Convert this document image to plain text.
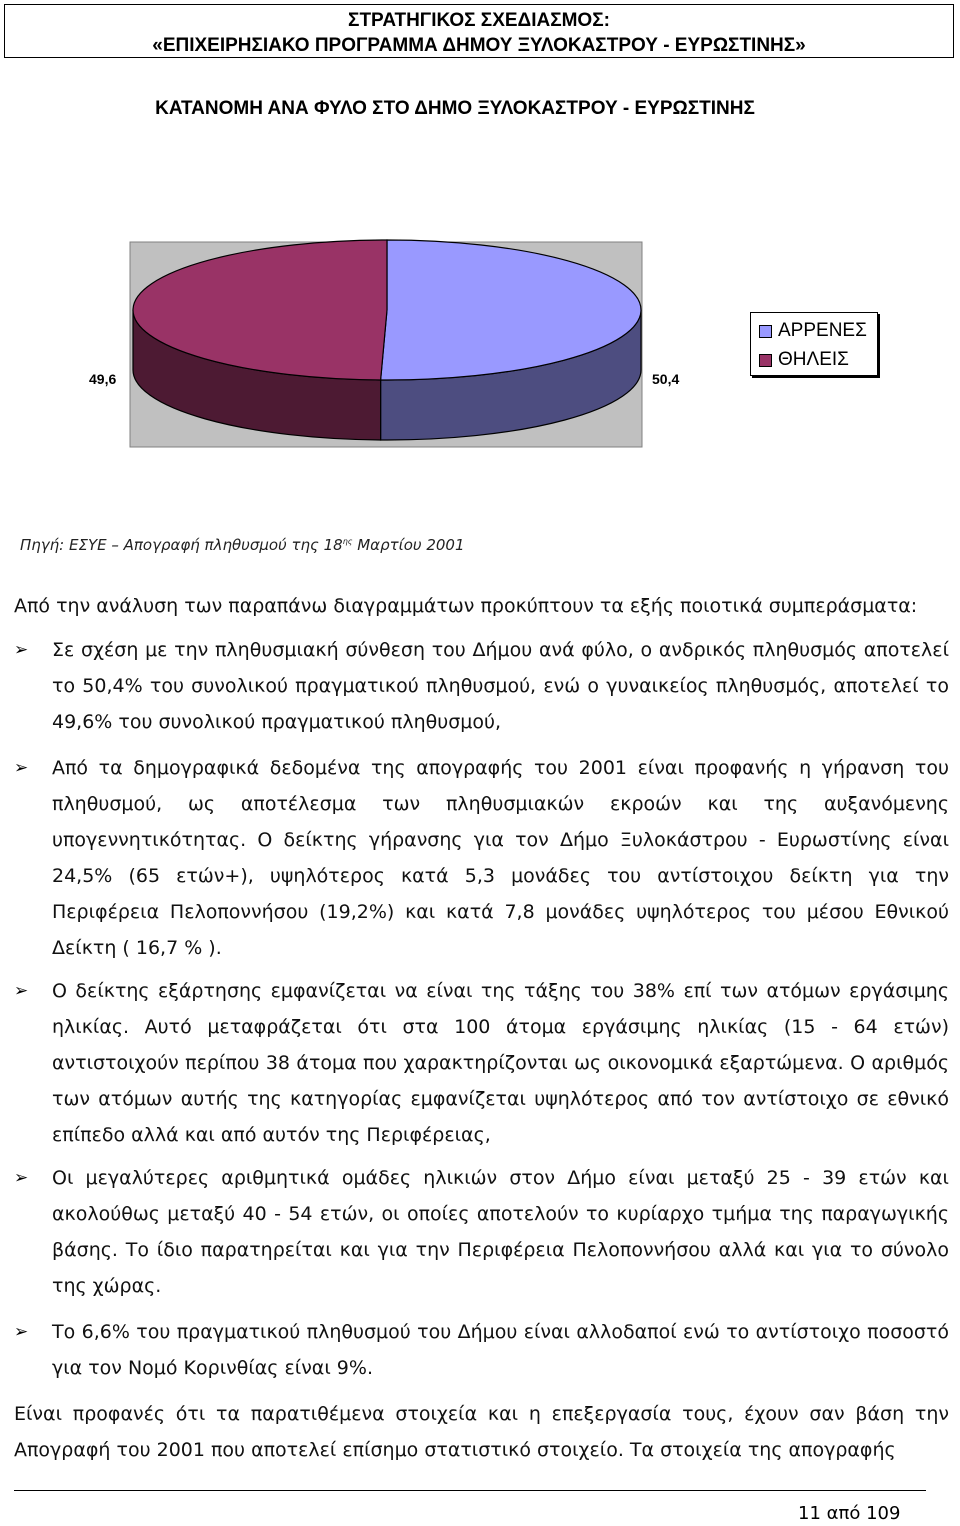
ΣΤΡΑΤΗΓΙΚΟΣ ΣΧΕΔΙΑΣΜΟΣ:
«ΕΠΙΧΕΙΡΗΣΙΑΚΟ ΠΡΟΓΡΑΜΜΑ ΔΗΜΟΥ ΞΥΛΟΚΑΣΤΡΟΥ - ΕΥΡΩΣΤΙΝΗΣ»
ΚΑΤΑΝΟΜΗ ΑΝΑ ΦΥΛΟ ΣΤΟ ΔΗΜΟ ΞΥΛΟΚΑΣΤΡΟΥ - ΕΥΡΩΣΤΙΝΗΣ
49,6	50,4
ΑΡΡΕΝΕΣ
ΘΗΛΕΙΣ
Πηγή: ΕΣΥΕ – Απογραφή πληθυσμού της $18^{\eta\varsigma}$ Μαρτίου 2001
Από την ανάλυση των παραπάνω διαγραμμάτων προκύπτουν τα εξής ποιοτικά συμπεράσματα:
➢ Σε σχέση με την πληθυσμιακή σύνθεση του Δήμου ανά φύλο, ο ανδρικός πληθυσμός αποτελεί το 50,4% του συνολικού πραγματικού πληθυσμού, ενώ ο γυναικείος πληθυσμός, αποτελεί το 49,6% του συνολικού πραγματικού πληθυσμού,
➢ Από τα δημογραφικά δεδομένα της απογραφής του 2001 είναι προφανής η γήρανση του πληθυσμού, ως αποτέλεσμα των πληθυσμιακών εκροών και της αυξανόμενης υπογεννητικότητας. Ο δείκτης γήρανσης για τον Δήμο Ξυλοκάστρου - Ευρωστίνης είναι 24,5% (65 ετών+), υψηλότερος κατά 5,3 μονάδες του αντίστοιχου δείκτη για την Περιφέρεια Πελοποννήσου (19,2%) και κατά 7,8 μονάδες υψηλότερος του μέσου Εθνικού Δείκτη ( 16,7 % ).
➢ Ο δείκτης εξάρτησης εμφανίζεται να είναι της τάξης του 38% επί των ατόμων εργάσιμης ηλικίας. Αυτό μεταφράζεται ότι στα 100 άτομα εργάσιμης ηλικίας (15 - 64 ετών) αντιστοιχούν περίπου 38 άτομα που χαρακτηρίζονται ως οικονομικά εξαρτώμενα. Ο αριθμός των ατόμων αυτής της κατηγορίας εμφανίζεται υψηλότερος από τον αντίστοιχο σε εθνικό επίπεδο αλλά και από αυτόν της Περιφέρειας,
➢ Οι μεγαλύτερες αριθμητικά ομάδες ηλικιών στον Δήμο είναι μεταξύ 25 - 39 ετών και ακολούθως μεταξύ 40 - 54 ετών, οι οποίες αποτελούν το κυρίαρχο τμήμα της παραγωγικής βάσης. Το ίδιο παρατηρείται και για την Περιφέρεια Πελοποννήσου αλλά και για το σύνολο της χώρας.
➢ Το 6,6% του πραγματικού πληθυσμού του Δήμου είναι αλλοδαποί ενώ το αντίστοιχο ποσοστό για τον Νομό Κορινθίας είναι 9%.
Είναι προφανές ότι τα παρατιθέμενα στοιχεία και η επεξεργασία τους, έχουν σαν βάση την Απογραφή του 2001 που αποτελεί επίσημο στατιστικό στοιχείο. Τα στοιχεία της απογραφής
11 από 109
